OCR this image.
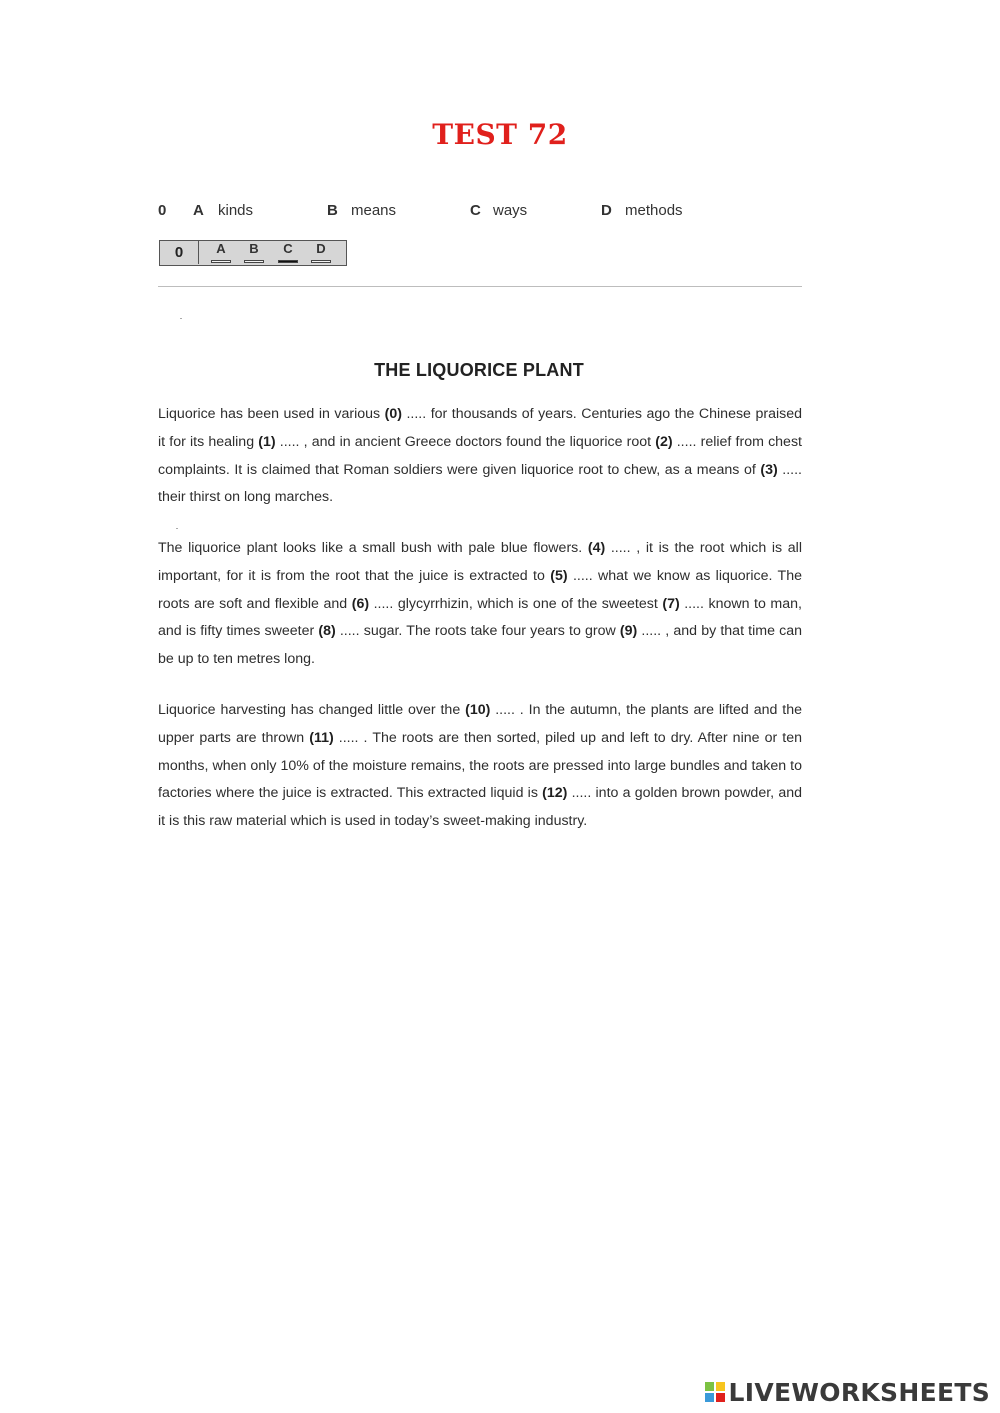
TEST 72
0 A kinds	B means	C ways	D methods
0	A	B	C	D
THE LIQUORICE PLANT
Liquorice has been used in various (0) ..... for thousands of years. Centuries ago the Chinese praised it for its healing (1) ..... , and in ancient Greece doctors found the liquorice root (2) ..... relief from chest complaints. It is claimed that Roman soldiers were given liquorice root to chew, as a means of (3) ..... their thirst on long marches.
The liquorice plant looks like a small bush with pale blue flowers. (4) ..... , it is the root which is all important, for it is from the root that the juice is extracted to (5) ..... what we know as liquorice. The roots are soft and flexible and (6) ..... glycyrrhizin, which is one of the sweetest (7) ..... known to man, and is fifty times sweeter (8) ..... sugar. The roots take four years to grow (9) ..... , and by that time can be up to ten metres long.
Liquorice harvesting has changed little over the (10) ..... . In the autumn, the plants are lifted and the upper parts are thrown (11) ..... . The roots are then sorted, piled up and left to dry. After nine or ten months, when only 10% of the moisture remains, the roots are pressed into large bundles and taken to factories where the juice is extracted. This extracted liquid is (12) ..... into a golden brown powder, and it is this raw material which is used in today’s sweet-making industry.
LIVEWORKSHEETS
